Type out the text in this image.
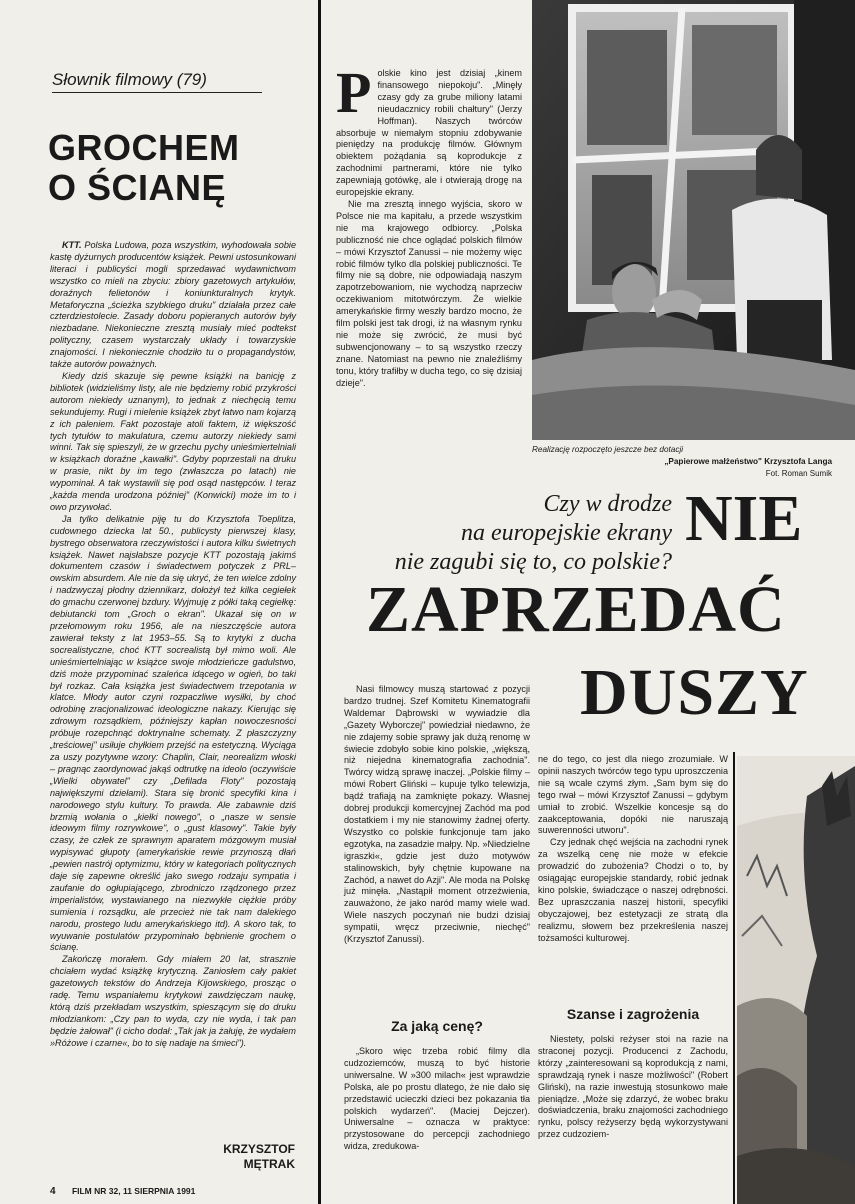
Słownik filmowy (79)
GROCHEM
O ŚCIANĘ

KTT. Polska Ludowa, poza wszystkim, wyhodowała sobie kastę dyżurnych producentów książek. Pewni ustosunkowani literaci i publicyści mogli sprzedawać wydawnictwom wszystko co mieli na zbyciu: zbiory gazetowych artykułów, doraźnych felietonów i koniunkturalnych krytyk. Metaforyczna „ścieżka szybkiego druku" działała przez całe czterdziestolecie. Zasady doboru popieranych autorów były niezbadane. Niekonieczne zresztą musiały mieć podtekst polityczny, czasem wystarczały układy i towarzyskie znajomości. I niekoniecznie chodziło tu o propagandystów, także autorów poważnych.

Kiedy dziś skazuje się pewne książki na banicję z bibliotek (widzieliśmy listy, ale nie będziemy robić przykrości autorom niekiedy uznanym), to jednak z niechęcią temu sekundujemy. Rugi i mielenie książek zbyt łatwo nam kojarzą z ich paleniem. Fakt pozostaje atoli faktem, iż większość tych tytułów to makulatura, czemu autorzy niekiedy sami winni. Tak się spieszyli, że w grzechu pychy unieśmiertelniali w książkach doraźne „kawałki". Gdyby poprzestali na druku w prasie, nikt by im tego (zwłaszcza po latach) nie wypominał. A tak wystawili się pod osąd następców. I teraz „każda menda urodzona później" (Konwicki) może im to i owo przywołać.

Ja tylko delikatnie piję tu do Krzysztofa Toeplitza, cudownego dziecka lat 50., publicysty pierwszej klasy, bystrego obserwatora rzeczywistości i autora kilku świetnych książek. Nawet najsłabsze pozycje KTT pozostają jakimś dokumentem czasów i świadectwem potyczek z PRL–owskim absurdem. Ale nie da się ukryć, że ten wielce zdolny i nadzwyczaj płodny dziennikarz, dołożył też kilka cegiełek do gmachu czerwonej bzdury. Wyjmuję z półki taką cegiełkę: debiutancki tom „Groch o ekran". Ukazał się on w przełomowym roku 1956, ale na nieszczęście autora zawierał teksty z lat 1953–55. Są to krytyki z ducha socrealistyczne, choć KTT socrealistą był mimo woli. Ale unieśmiertelniając w książce swoje młodzieńcze gadulstwo, dziś może przypominać szaleńca idącego w ogień, bo taki był rozkaz. Cała książka jest świadectwem trzepotania w klatce. Młody autor czyni rozpaczliwe wysiłki, by choć odrobinę zracjonalizować ideologiczne nakazy. Kierując się zdrowym rozsądkiem, późniejszy kapłan nowoczesności próbuje rozepchnąć doktrynalne schematy. Z płaszczyzny „treściowej" usiłuje chyłkiem przejść na estetyczną. Wyciąga za uszy pozytywne wzory: Chaplin, Clair, neorealizm włoski – pragnąc zaordynować jakąś odtrutkę na ideolo (oczywiście „Wielki obywatel" czy „Defilada Floty" pozostają największymi dziełami). Stara się bronić specyfiki kina i narodowego stylu kultury. To prawda. Ale zabawnie dziś brzmią wołania o „kiełki nowego", o „nasze w sensie ideowym filmy rozrywkowe", o „gust klasowy". Takie były czasy, że człek ze sprawnym aparatem mózgowym musiał wypisywać głupoty (amerykańskie rewie przynoszą dłań „pewien nastrój optymizmu, który w kategoriach politycznych daje się zapewne określić jako swego rodzaju sympatia i zaufanie do ogłupiającego, zbrodniczo rządzonego przez imperialistów, wystawianego na niezwykłe ciężkie próby sumienia i rozsądku, ale przecież nie tak nam dalekiego narodu, prostego ludu amerykańskiego itd). A skoro tak, to wyuwanie postulatów przypominało bębnienie grochem o ścianę.

Zakończę morałem. Gdy miałem 20 lat, strasznie chciałem wydać książkę krytyczną. Zaniosłem cały pakiet gazetowych tekstów do Andrzeja Kijowskiego, prosząc o radę. Temu wspaniałemu krytykowi zawdzięczam naukę, którą dziś przekładam wszystkim, spieszącym się do druku młodziankom: „Czy pan to wyda, czy nie wyda, i tak pan będzie żałował" (i cicho dodał: „Tak jak ja żałuję, że wydałem »Różowe i czarne«, bo to się nadaje na śmieci").

KRZYSZTOF
MĘTRAK
4 FILM NR 32, 11 SIERPNIA 1991

Polskie kino jest dzisiaj „kinem finansowego niepokoju". „Minęły czasy gdy za grube miliony latami nieudacznicy robili chałtury" (Jerzy Hoffman). Naszych twórców absorbuje w niemałym stopniu zdobywanie pieniędzy na produkcję filmów. Głównym obiektem pożądania są koprodukcje z zachodnimi partnerami, które nie tylko zapewniają gotówkę, ale i otwierają drogę na europejskie ekrany.

Nie ma zresztą innego wyjścia, skoro w Polsce nie ma kapitału, a przede wszystkim nie ma krajowego odbiorcy. „Polska publiczność nie chce oglądać polskich filmów – mówi Krzysztof Zanussi – nie możemy więc robić filmów tylko dla polskiej publiczności. Te filmy nie są dobre, nie odpowiadają naszym zapotrzebowaniom, nie wychodzą naprzeciw oczekiwaniom mitotwórczym. Że wielkie amerykańskie firmy weszły bardzo mocno, że film polski jest tak drogi, iż na własnym rynku nie może się zwrócić, że musi być subwencjonowany – to są wszystko rzeczy znane. Natomiast na pewno nie znaleźliśmy tonu, który trafiłby w ducha tego, co się dzisiaj dzieje".

Realizację rozpoczęto jeszcze bez dotacji
„Papierowe małżeństwo" Krzysztofa Langa
Fot. Roman Sumik
Czy w drodze
na europejskie ekrany
nie zagubi się to, co polskie?
NIE
ZAPRZEDAĆ
DUSZY

Nasi filmowcy muszą startować z pozycji bardzo trudnej. Szef Komitetu Kinematografii Waldemar Dąbrowski w wywiadzie dla „Gazety Wyborczej" powiedział niedawno, że nie zdajemy sobie sprawy jak dużą renomę w świecie zdobyło sobie kino polskie, „większą, niż niejedna kinematografia zachodnia". Twórcy widzą sprawę inaczej. „Polskie filmy – mówi Robert Gliński – kupuje tylko telewizja, bądź trafiają na zamknięte pokazy. Własnej dobrej produkcji komercyjnej Zachód ma pod dostatkiem i my nie stanowimy żadnej oferty. Wszystko co polskie funkcjonuje tam jako egzotyka, na zasadzie małpy. Np. »Niedzielne igraszki«, gdzie jest dużo motywów stalinowskich, były chętnie kupowane na Zachód, a nawet do Azji". Ale moda na Polskę już minęła. „Nastąpił moment otrzeźwienia, zauważono, że jako naród mamy wiele wad. Wiele naszych poczynań nie budzi dzisiaj sympatii, wręcz przeciwnie, niechęć" (Krzysztof Zanussi).

Za jaką cenę?

„Skoro więc trzeba robić filmy dla cudzoziemców, muszą to być historie uniwersalne. W »300 milach« jest wprawdzie Polska, ale po prostu dlatego, że nie dało się przedstawić ucieczki dzieci bez pokazania tła polskich wydarzeń". (Maciej Dejczer). Uniwersalne – oznacza w praktyce: przystosowane do percepcji zachodniego widza, zredukowa-

ne do tego, co jest dla niego zrozumiałe. W opinii naszych twórców tego typu uproszczenia nie są wcale czymś złym. „Sam bym się do tego rwał – mówi Krzysztof Zanussi – gdybym umiał to zrobić. Wszelkie koncesje są do zaakceptowania, dopóki nie naruszają suwerenności utworu".

Czy jednak chęć wejścia na zachodni rynek za wszelką cenę nie może w efekcie prowadzić do zubożenia? Chodzi o to, by osiągając europejskie standardy, robić jednak kino polskie, świadczące o naszej odrębności. Bez upraszczania naszej historii, specyfiki obyczajowej, bez estetyzacji ze stratą dla realizmu, słowem bez przekreślenia naszej tożsamości kulturowej.

Szanse i zagrożenia

Niestety, polski reżyser stoi na razie na straconej pozycji. Producenci z Zachodu, którzy „zainteresowani są koprodukcją z nami, sprawdzają rynek i nasze możliwości" (Robert Gliński), na razie inwestują stosunkowo małe pieniądze. „Może się zdarzyć, że wobec braku doświadczenia, braku znajomości zachodniego rynku, polscy reżyserzy będą wykorzystywani przez cudzoziem-
